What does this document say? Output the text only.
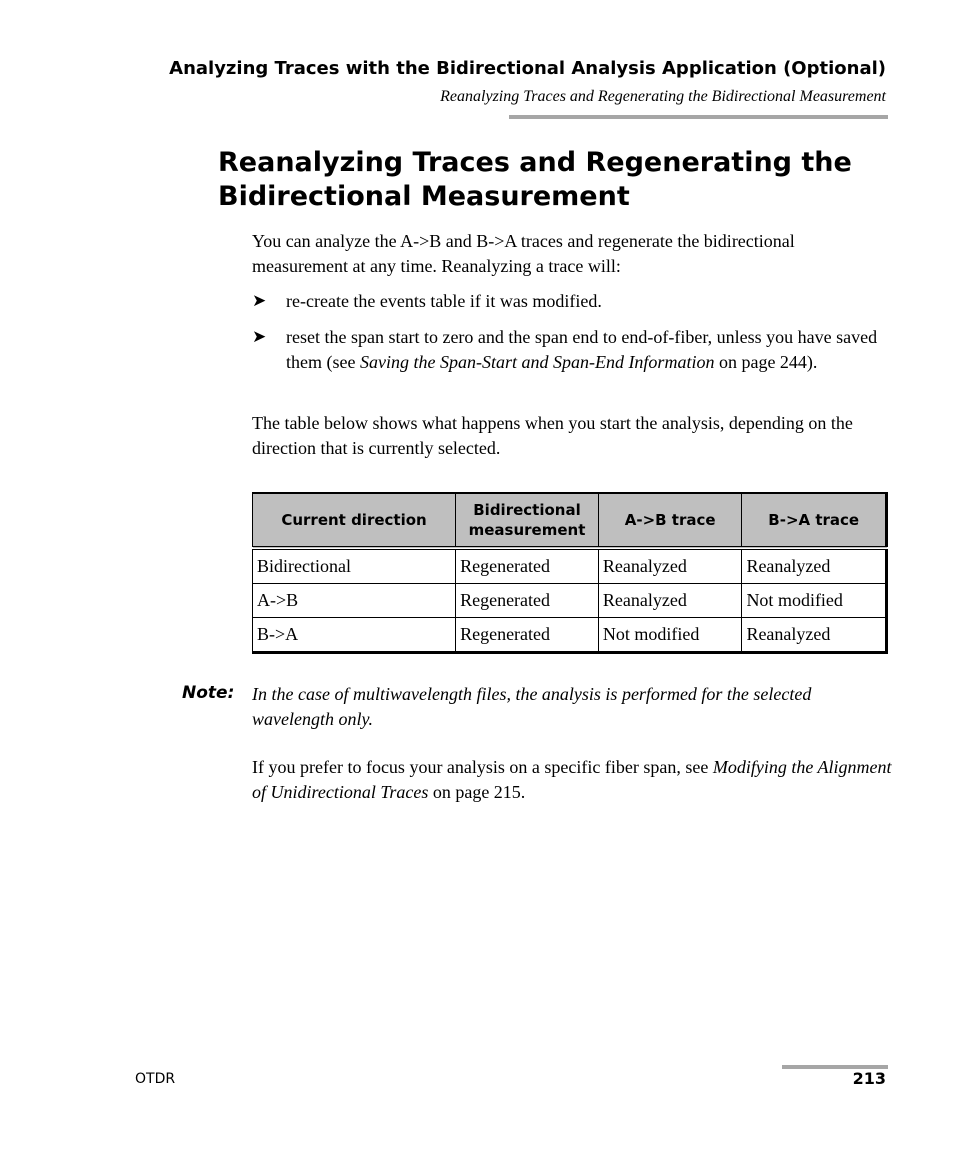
Analyzing Traces with the Bidirectional Analysis Application (Optional)
Reanalyzing Traces and Regenerating the Bidirectional Measurement
Reanalyzing Traces and Regenerating the Bidirectional Measurement
You can analyze the A->B and B->A traces and regenerate the bidirectional measurement at any time. Reanalyzing a trace will:
➤ re-create the events table if it was modified.
➤ reset the span start to zero and the span end to end-of-fiber, unless you have saved them (see Saving the Span-Start and Span-End Information on page 244).
The table below shows what happens when you start the analysis, depending on the direction that is currently selected.
Current direction	Bidirectional measurement	A->B trace	B->A trace
Bidirectional	Regenerated	Reanalyzed	Reanalyzed
A->B	Regenerated	Reanalyzed	Not modified
B->A	Regenerated	Not modified	Reanalyzed
Note: In the case of multiwavelength files, the analysis is performed for the selected wavelength only.
If you prefer to focus your analysis on a specific fiber span, see Modifying the Alignment of Unidirectional Traces on page 215.
OTDR	213
